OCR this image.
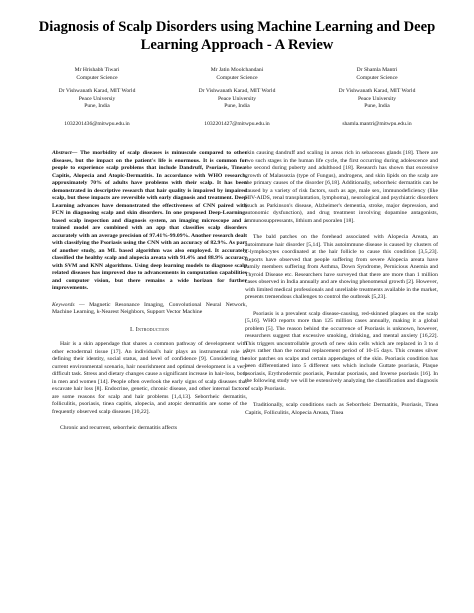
Diagnosis of Scalp Disorders using Machine Learning and Deep Learning Approach - A Review
Mr Hrishabh Tiwari
Computer Science
Dr Vishwanath Karad, MIT World
Peace Universiy
Pune, India
1032201436@mitwpu.edu.in
Mr Jatin Moolchandani
Computer Science
Dr Vishwanath Karad, MIT World
Peace University
Pune, India
1032201427@mitwpu.edu.in
Dr Shamla Mantri
Computer Science
Dr Vishwanath Karad, MIT World
Peace University
Pune, India
shamla.mantri@mitwpu.edu.in

Abstract— The morbidity of scalp diseases is minuscule compared to other diseases, but the impact on the patient's life is enormous. It is common for people to experience scalp problems that include Dandruff, Psoriasis, Tinea-Capitis, Alopecia and Atopic-Dermatitis. In accordance with WHO research, approximately 70% of adults have problems with their scalp. It has been demonstrated in descriptive research that hair quality is impaired by impaired scalp, but these impacts are reversible with early diagnosis and treatment. Deep Learning advances have demonstrated the effectiveness of CNN paired with FCN in diagnosing scalp and skin disorders. In one proposed Deep-Learning-based scalp inspection and diagnosis system, an imaging microscope and a trained model are combined with an app that classifies scalp disorders accurately with an average precision of 97.41%-99.09%. Another research dealt with classifying the Psoriasis using the CNN with an accuracy of 82.9%. As part of another study, an ML based algorithm was also employed. It accurately classified the healthy scalp and alopecia areata with 91.4% and 88.9% accuracy with SVM and KNN algorithms. Using deep learning models to diagnose scalp related diseases has improved due to advancements in computation capabilities and computer vision, but there remains a wide horizon for further improvements.

Keywords — Magnetic Resonance Imaging, Convolutional Neural Network, Machine Learning, k-Nearest Neighbors, Support Vector Machine

I. Introduction

Hair is a skin appendage that shares a common pathway of development with other ectodermal tissue [17]. An individual's hair plays an instrumental role in defining their identity, social status, and level of confidence [9]. Considering the current environmental scenario, hair nourishment and optimal development is a very difficult task. Stress and dietary changes cause a significant increase in hair-loss, both in men and women [14]. People often overlook the early signs of scalp diseases that excavate hair loss [8]. Endocrine, genetic, chronic disease, and other internal factors are some reasons for scalp and hair problems [1,4,13]. Seborrheic dermatitis, folliculitis, psoriasis, tinea capitis, alopecia, and atopic dermatitis are some of the frequently observed scalp diseases [10,22].

Chronic and recurrent, seborrheic dermatitis affects

skin causing dandruff and scaling in areas rich in sebaceous glands [18]. There are two such stages in the human life cycle, the first occurring during adolescence and the second during puberty and adulthood [18]. Research has shown that excessive growth of Malassezia (type of Fungus), androgens, and skin lipids on the scalp are the primary causes of the disorder [6,18]. Additionally, seborrheic dermatitis can be caused by a variety of risk factors, such as age, male sex, immunodeficiency (like HIV-AIDS, renal transplantation, lymphoma), neurological and psychiatric disorders (such as Parkinson's disease, Alzheimer's dementia, stroke, major depression, and autonomic dysfunction), and drug treatment involving dopamine antagonists, immunosuppressants, lithium and psoralen [18].

The bald patches on the forehead associated with Alopecia Areata, an autoimmune hair disorder [5,14]. This autoimmune disease is caused by clusters of T-lymphocytes coordinated at the hair follicle to cause this condition [3,5,23]. Reports have observed that people suffering from severe Alopecia areata have family members suffering from Asthma, Down Syndrome, Pernicious Anemia and Thyroid Disease etc. Researchers have surveyed that there are more than 1 million cases observed in India annually and are showing phenomenal growth [2]. However, with limited medical professionals and unreliable treatments available in the market, presents tremendous challenges to control the outbreak [5,23].

Psoriasis is a prevalent scalp disease-causing, red-skinned plaques on the scalp [5,16]. WHO reports more than 125 million cases annually, making it a global problem [5]. The reason behind the occurrence of Psoriasis is unknown, however, researchers suggest that excessive smoking, drinking, and mental anxiety [16,22]. This triggers uncontrollable growth of new skin cells which are replaced in 3 to 4 days rather than the normal replacement period of 10-15 days. This creates silver color patches on scalps and certain appendages of the skin. Psoriasis condition has been differentiated into 5 different sets which include Guttate psoriasis, Plaque psoriasis, Erythrodermic psoriasis, Pustular psoriasis, and Inverse psoriasis [16]. In the following study we will be extensively analyzing the classification and diagnosis of scalp Psoriasis.

Traditionally, scalp conditions such as Seborrheic Dermatitis, Psoriasis, Tinea Capitis, Folliculitis, Alopecia Areata, Tinea
